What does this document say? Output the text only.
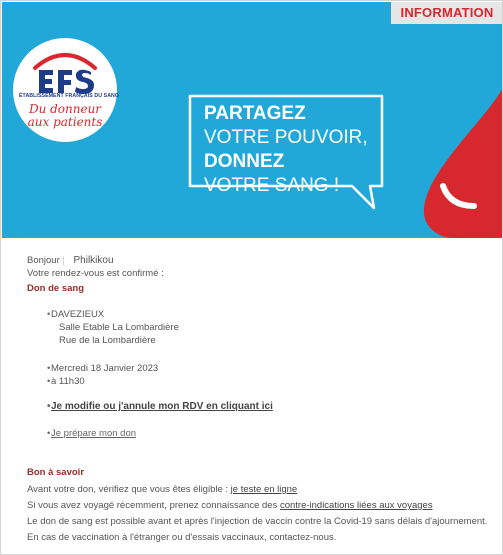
INFORMATION
ÉTABLISSEMENT FRANÇAIS DU SANG
Du donneur
aux patients	PARTAGEZ
VOTRE POUVOIR,
DONNEZ
VOTRE SANG !
Bonjour | Philkikou
Votre rendez-vous est confirmé :
Don de sang
• DAVEZIEUX
Salle Etable La Lombardière
Rue de la Lombardière
• Mercredi 18 Janvier 2023
• à 11h30
• Je modifie ou j'annule mon RDV en cliquant ici
• Je prépare mon don
Bon à savoir
Avant votre don, vérifiez que vous êtes éligible : je teste en ligne
Si vous avez voyagé récemment, prenez connaissance des contre-indications liées aux voyages
Le don de sang est possible avant et après l'injection de vaccin contre la Covid-19 sans délais d'ajournement.
En cas de vaccination à l'étranger ou d'essais vaccinaux, contactez-nous.
